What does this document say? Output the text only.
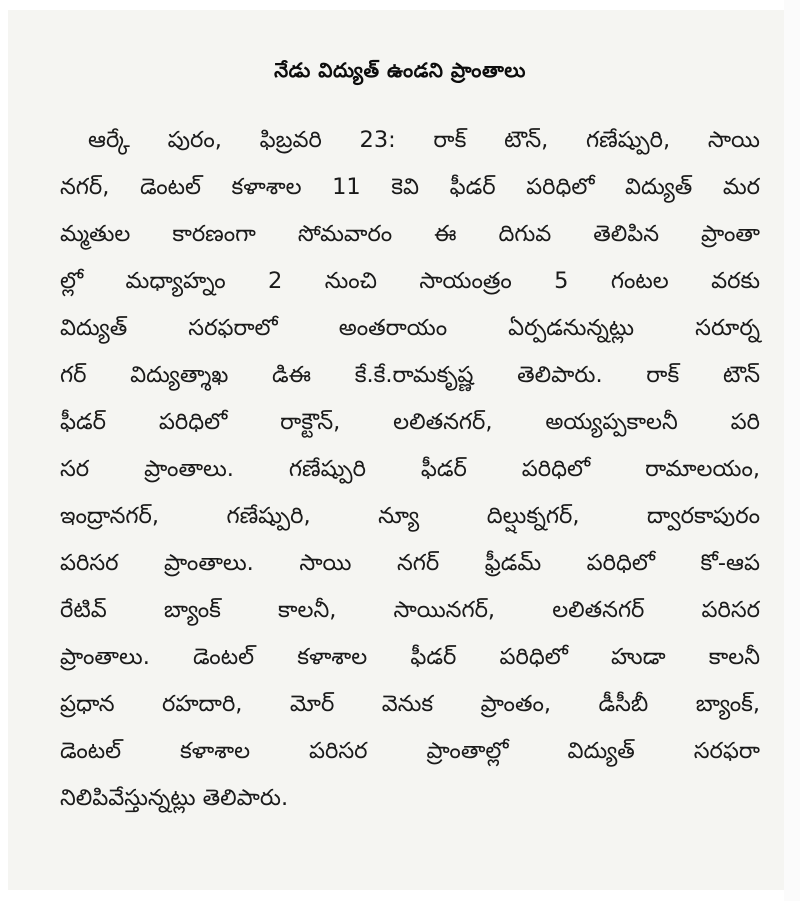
నేడు విద్యుత్ ఉండని ప్రాంతాలు
ఆర్కే పురం, ఫిబ్రవరి 23: రాక్ టౌన్, గణేష్పురి, సాయి
నగర్, డెంటల్ కళాశాల 11 కెవి ఫీడర్ పరిధిలో విద్యుత్ మర
మ్మతుల కారణంగా సోమవారం ఈ దిగువ తెలిపిన ప్రాంతా
ల్లో మధ్యాహ్నం 2 నుంచి సాయంత్రం 5 గంటల వరకు
విద్యుత్ సరఫరాలో అంతరాయం ఏర్పడనున్నట్లు సరూర్న
గర్ విద్యుత్శాఖ డిఈ కే.కే.రామకృష్ణ తెలిపారు. రాక్ టౌన్
ఫీడర్ పరిధిలో రాక్టౌన్, లలితనగర్, అయ్యప్పకాలనీ పరి
సర ప్రాంతాలు. గణేష్పురి ఫీడర్ పరిధిలో రామాలయం,
ఇంద్రానగర్, గణేష్పురి, న్యూ దిల్షుక్నగర్, ద్వారకాపురం
పరిసర ప్రాంతాలు. సాయి నగర్ ఫ్రీడమ్ పరిధిలో కో-ఆప
రేటివ్ బ్యాంక్ కాలనీ, సాయినగర్, లలితనగర్ పరిసర
ప్రాంతాలు. డెంటల్ కళాశాల ఫీడర్ పరిధిలో హుడా కాలనీ
ప్రధాన రహదారి, మోర్ వెనుక ప్రాంతం, డీసీబీ బ్యాంక్,
డెంటల్ కళాశాల పరిసర ప్రాంతాల్లో విద్యుత్ సరఫరా
నిలిపివేస్తున్నట్లు తెలిపారు.
